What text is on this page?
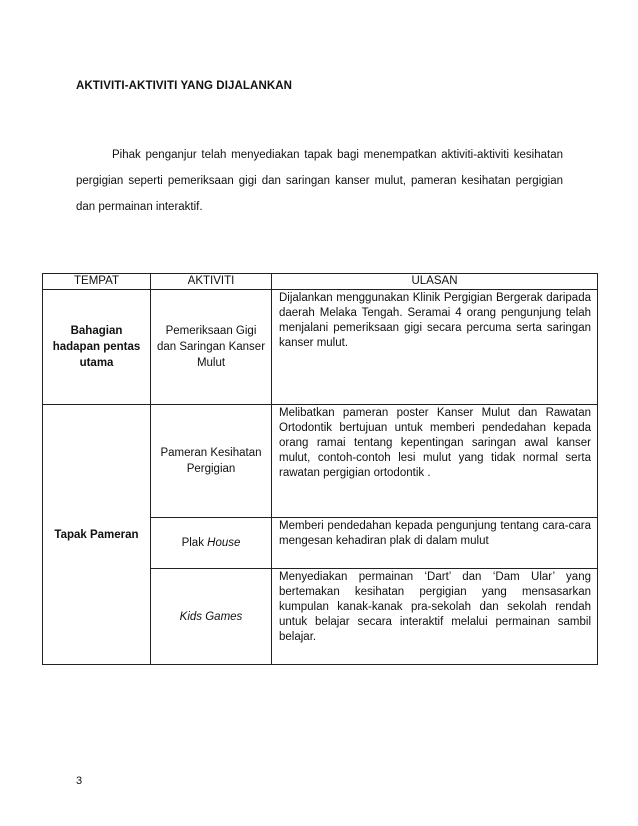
AKTIVITI-AKTIVITI YANG DIJALANKAN
Pihak penganjur telah menyediakan tapak bagi menempatkan aktiviti-aktiviti kesihatan pergigian seperti pemeriksaan gigi dan saringan kanser mulut, pameran kesihatan pergigian dan permainan interaktif.
TEMPAT	AKTIVITI	ULASAN
Bahagian hadapan pentas utama	Pemeriksaan Gigi dan Saringan Kanser Mulut	Dijalankan menggunakan Klinik Pergigian Bergerak daripada daerah Melaka Tengah. Seramai 4 orang pengunjung telah menjalani pemeriksaan gigi secara percuma serta saringan kanser mulut.
Tapak Pameran	Pameran Kesihatan Pergigian	Melibatkan pameran poster Kanser Mulut dan Rawatan Ortodontik bertujuan untuk memberi pendedahan kepada orang ramai tentang kepentingan saringan awal kanser mulut, contoh-contoh lesi mulut yang tidak normal serta rawatan pergigian ortodontik .
	Plak House	Memberi pendedahan kepada pengunjung tentang cara-cara mengesan kehadiran plak di dalam mulut
	Kids Games	Menyediakan permainan ‘Dart’ dan ‘Dam Ular’ yang bertemakan kesihatan pergigian yang mensasarkan kumpulan kanak-kanak pra-sekolah dan sekolah rendah untuk belajar secara interaktif melalui permainan sambil belajar.
3
